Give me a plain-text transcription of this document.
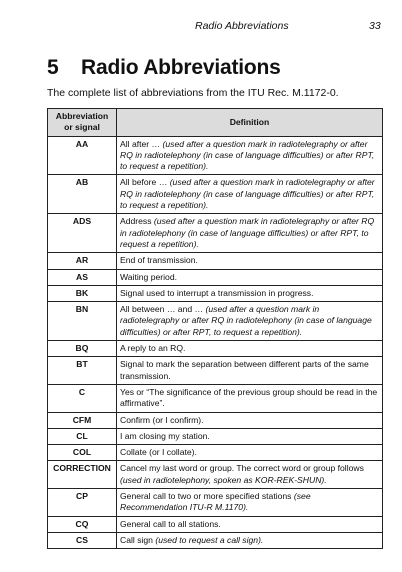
Radio Abbreviations	33
5 Radio Abbreviations
The complete list of abbreviations from the ITU Rec. M.1172-0.
Abbreviation
or signal	Definition
AA	All after … (used after a question mark in radiotelegraphy or after RQ in radiotelephony (in case of language difficulties) or after RPT, to request a repetition).
AB	All before … (used after a question mark in radiotelegraphy or after RQ in radiotelephony (in case of language difficulties) or after RPT, to request a repetition).
ADS	Address (used after a question mark in radiotelegraphy or after RQ in radiotelephony (in case of language difficulties) or after RPT, to request a repetition).
AR	End of transmission.
AS	Waiting period.
BK	Signal used to interrupt a transmission in progress.
BN	All between … and … (used after a question mark in radiotelegraphy or after RQ in radiotelephony (in case of language difficulties) or after RPT, to request a repetition).
BQ	A reply to an RQ.
BT	Signal to mark the separation between different parts of the same transmission.
C	Yes or “The significance of the previous group should be read in the affirmative”.
CFM	Confirm (or I confirm).
CL	I am closing my station.
COL	Collate (or I collate).
CORRECTION	Cancel my last word or group. The correct word or group follows (used in radiotelephony, spoken as KOR-REK-SHUN).
CP	General call to two or more specified stations (see Recommendation ITU-R M.1170).
CQ	General call to all stations.
CS	Call sign (used to request a call sign).
